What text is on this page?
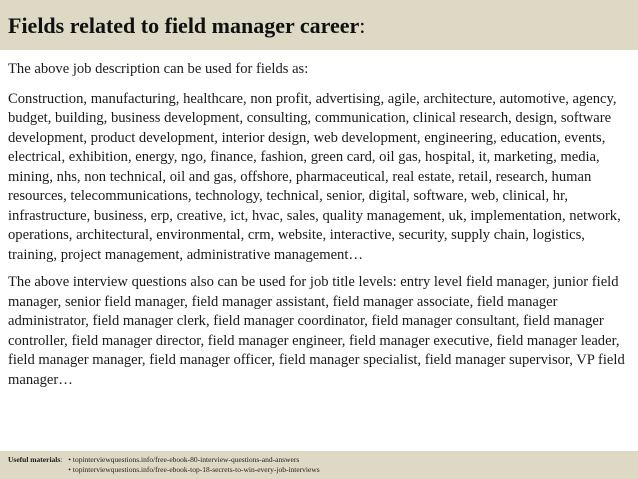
Fields related to field manager career:

The above job description can be used for fields as:

Construction, manufacturing, healthcare, non profit, advertising, agile, architecture, automotive, agency, budget, building, business development, consulting, communication, clinical research, design, software development, product development, interior design, web development, engineering, education, events, electrical, exhibition, energy, ngo, finance, fashion, green card, oil gas, hospital, it, marketing, media, mining, nhs, non technical, oil and gas, offshore, pharmaceutical, real estate, retail, research, human resources, telecommunications, technology, technical, senior, digital, software, web, clinical, hr, infrastructure, business, erp, creative, ict, hvac, sales, quality management, uk, implementation, network, operations, architectural, environmental, crm, website, interactive, security, supply chain, logistics, training, project management, administrative management…

The above interview questions also can be used for job title levels: entry level field manager, junior field manager, senior field manager, field manager assistant, field manager associate, field manager administrator, field manager clerk, field manager coordinator, field manager consultant, field manager controller, field manager director, field manager engineer, field manager executive, field manager leader, field manager manager, field manager officer, field manager specialist, field manager supervisor, VP field manager…

Useful materials : • topinterviewquestions.info/free-ebook-80-interview-questions-and-answers
• topinterviewquestions.info/free-ebook-top-18-secrets-to-win-every-job-interviews
